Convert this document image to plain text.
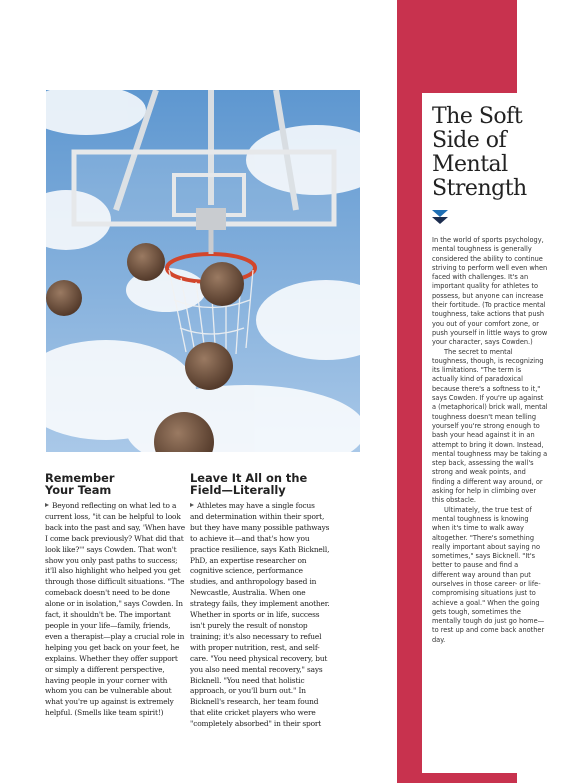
The Soft
Side of
Mental
Strength

In the world of sports psychology, mental toughness is generally considered the ability to continue striving to perform well even when faced with challenges. It's an important quality for athletes to possess, but anyone can increase their fortitude. (To practice mental toughness, take actions that push you out of your comfort zone, or push yourself in little ways to grow your character, says Cowden.)

The secret to mental toughness, though, is recognizing its limitations. "The term is actually kind of paradoxical because there's a softness to it," says Cowden. If you're up against a (metaphorical) brick wall, mental toughness doesn't mean telling yourself you're strong enough to bash your head against it in an attempt to bring it down. Instead, mental toughness may be taking a step back, assessing the wall's strong and weak points, and finding a different way around, or asking for help in climbing over this obstacle.

Ultimately, the true test of mental toughness is knowing when it's time to walk away altogether. "There's something really important about saying no sometimes," says Bicknell. "It's better to pause and find a different way around than put ourselves in those career- or life-compromising situations just to achieve a goal." When the going gets tough, sometimes the mentally tough do just go home—to rest up and come back another day.

Remember
Your Team

Beyond reflecting on what led to a current loss, "it can be helpful to look back into the past and say, 'When have I come back previously? What did that look like?'" says Cowden. That won't show you only past paths to success; it'll also highlight who helped you get through those difficult situations. "The comeback doesn't need to be done alone or in isolation," says Cowden. In fact, it shouldn't be. The important people in your life—family, friends, even a therapist—play a crucial role in helping you get back on your feet, he explains. Whether they offer support or simply a different perspective, having people in your corner with whom you can be vulnerable about what you're up against is extremely helpful. (Smells like team spirit!)

Leave It All on the
Field—Literally

Athletes may have a single focus and determination within their sport, but they have many possible pathways to achieve it—and that's how you practice resilience, says Kath Bicknell, PhD, an expertise researcher on cognitive science, performance studies, and anthropology based in Newcastle, Australia. When one strategy fails, they implement another. Whether in sports or in life, success isn't purely the result of nonstop training; it's also necessary to refuel with proper nutrition, rest, and self-care. "You need physical recovery, but you also need mental recovery," says Bicknell. "You need that holistic approach, or you'll burn out." In Bicknell's research, her team found that elite cricket players who were "completely absorbed" in their sport
